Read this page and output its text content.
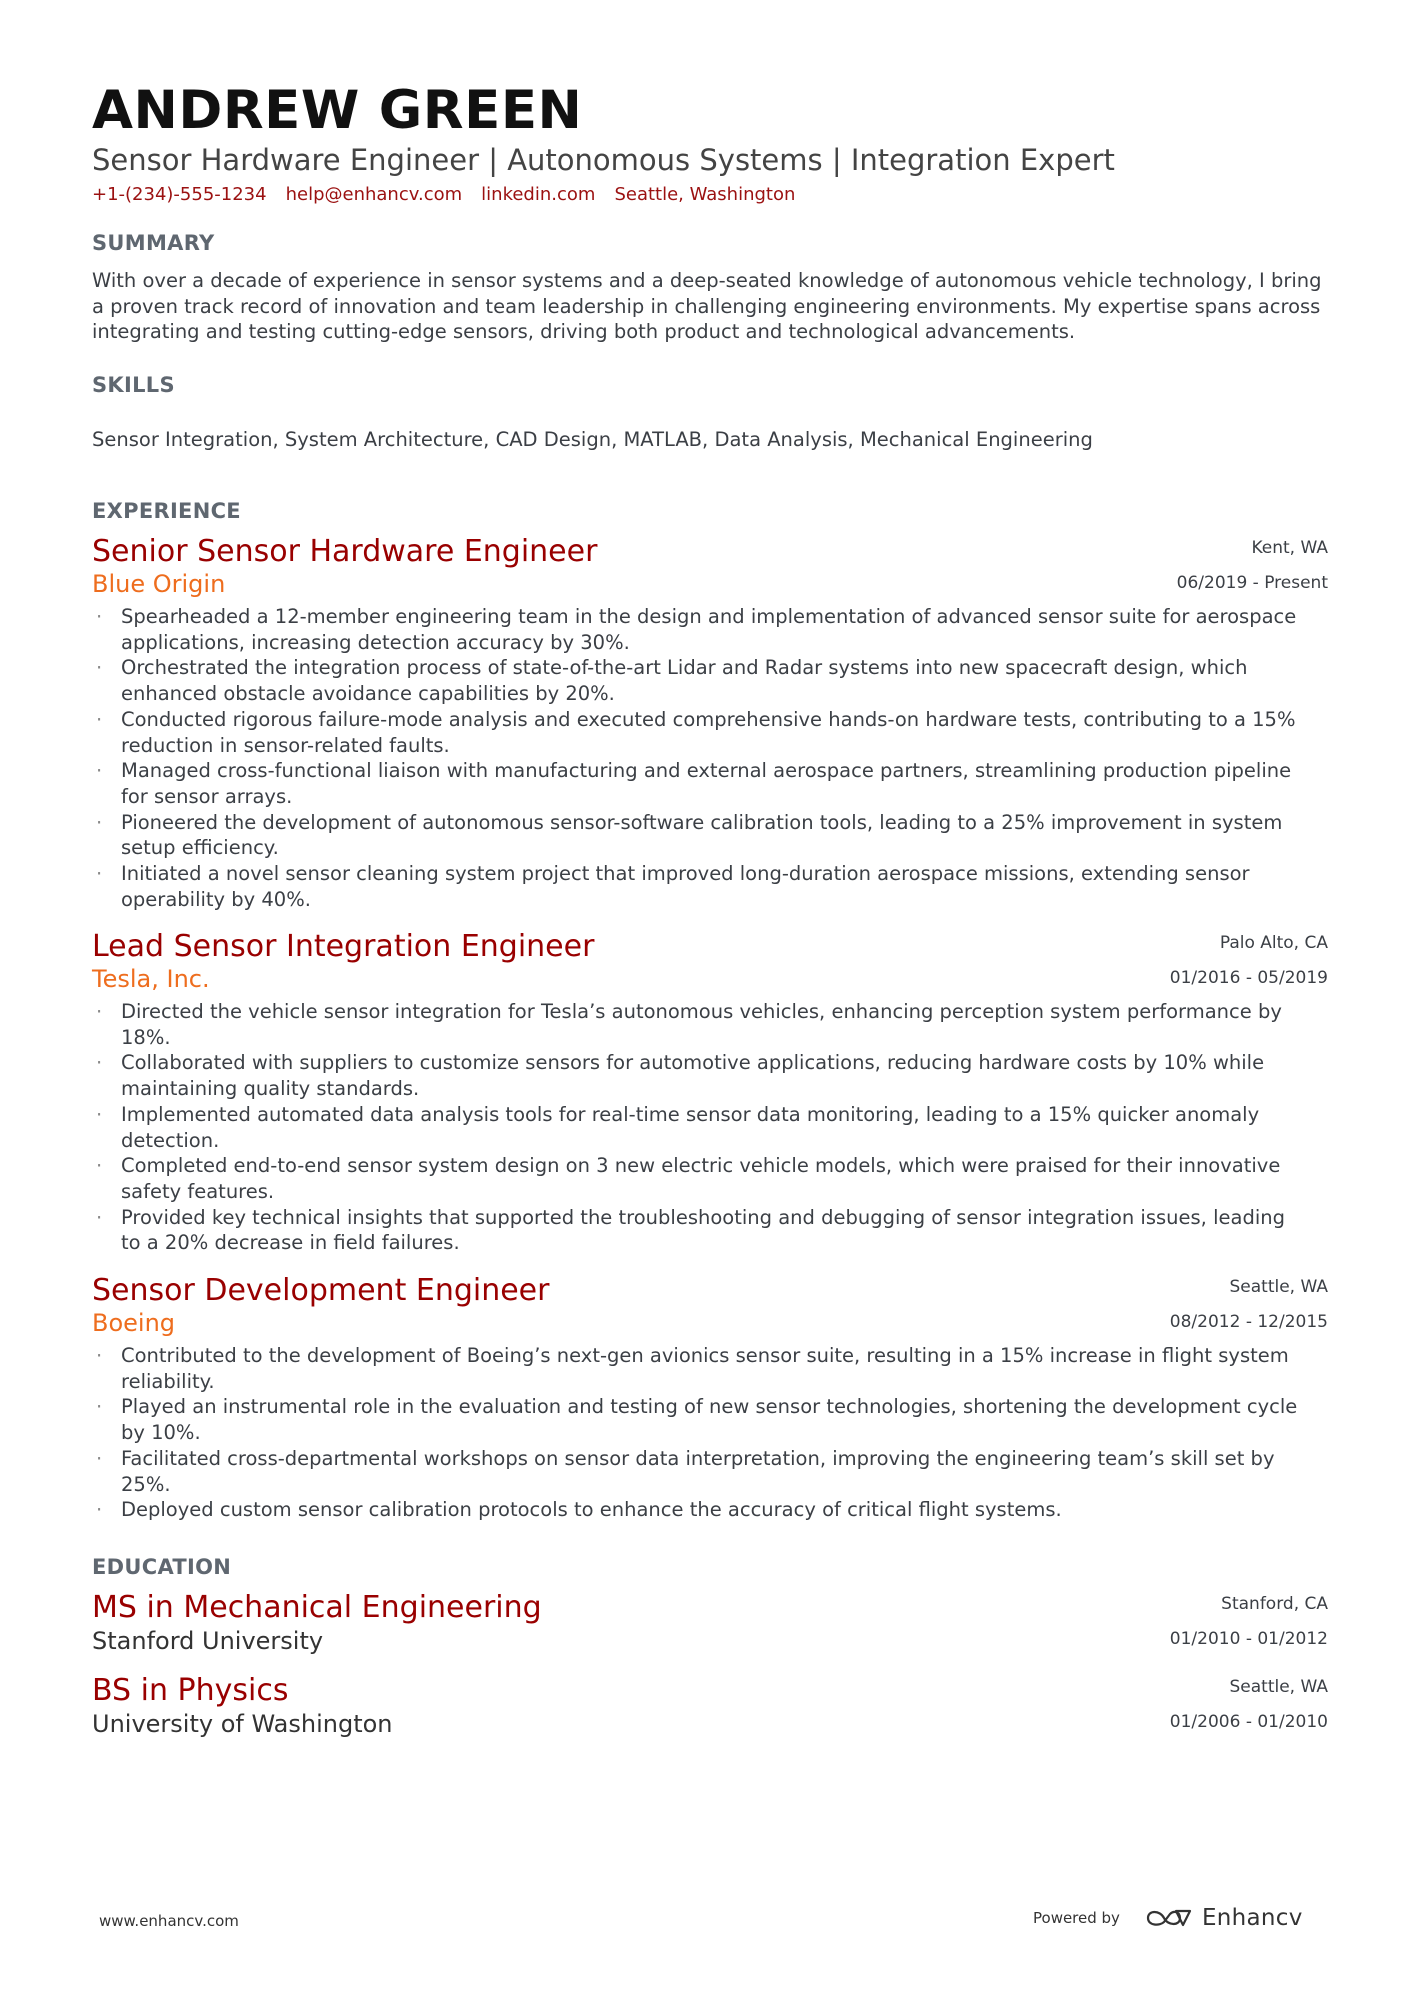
ANDREW GREEN
Sensor Hardware Engineer | Autonomous Systems | Integration Expert
+1-(234)-555-1234 help@enhancv.com linkedin.com Seattle, Washington
SUMMARY
With over a decade of experience in sensor systems and a deep-seated knowledge of autonomous vehicle technology, I bring a proven track record of innovation and team leadership in challenging engineering environments. My expertise spans across integrating and testing cutting-edge sensors, driving both product and technological advancements.
SKILLS
Sensor Integration, System Architecture, CAD Design, MATLAB, Data Analysis, Mechanical Engineering
EXPERIENCE
Senior Sensor Hardware Engineer
Blue Origin
Kent, WA
06/2019 - Present
· Spearheaded a 12-member engineering team in the design and implementation of advanced sensor suite for aerospace applications, increasing detection accuracy by 30%.
· Orchestrated the integration process of state-of-the-art Lidar and Radar systems into new spacecraft design, which enhanced obstacle avoidance capabilities by 20%.
· Conducted rigorous failure-mode analysis and executed comprehensive hands-on hardware tests, contributing to a 15% reduction in sensor-related faults.
· Managed cross-functional liaison with manufacturing and external aerospace partners, streamlining production pipeline for sensor arrays.
· Pioneered the development of autonomous sensor-software calibration tools, leading to a 25% improvement in system setup efficiency.
· Initiated a novel sensor cleaning system project that improved long-duration aerospace missions, extending sensor operability by 40%.
Lead Sensor Integration Engineer
Tesla, Inc.
Palo Alto, CA
01/2016 - 05/2019
· Directed the vehicle sensor integration for Tesla’s autonomous vehicles, enhancing perception system performance by 18%.
· Collaborated with suppliers to customize sensors for automotive applications, reducing hardware costs by 10% while maintaining quality standards.
· Implemented automated data analysis tools for real-time sensor data monitoring, leading to a 15% quicker anomaly detection.
· Completed end-to-end sensor system design on 3 new electric vehicle models, which were praised for their innovative safety features.
· Provided key technical insights that supported the troubleshooting and debugging of sensor integration issues, leading to a 20% decrease in field failures.
Sensor Development Engineer
Boeing
Seattle, WA
08/2012 - 12/2015
· Contributed to the development of Boeing’s next-gen avionics sensor suite, resulting in a 15% increase in flight system reliability.
· Played an instrumental role in the evaluation and testing of new sensor technologies, shortening the development cycle by 10%.
· Facilitated cross-departmental workshops on sensor data interpretation, improving the engineering team’s skill set by 25%.
· Deployed custom sensor calibration protocols to enhance the accuracy of critical flight systems.
EDUCATION
MS in Mechanical Engineering
Stanford University
Stanford, CA
01/2010 - 01/2012
BS in Physics
University of Washington
Seattle, WA
01/2006 - 01/2010
www.enhancv.com	Powered by	Enhancv
